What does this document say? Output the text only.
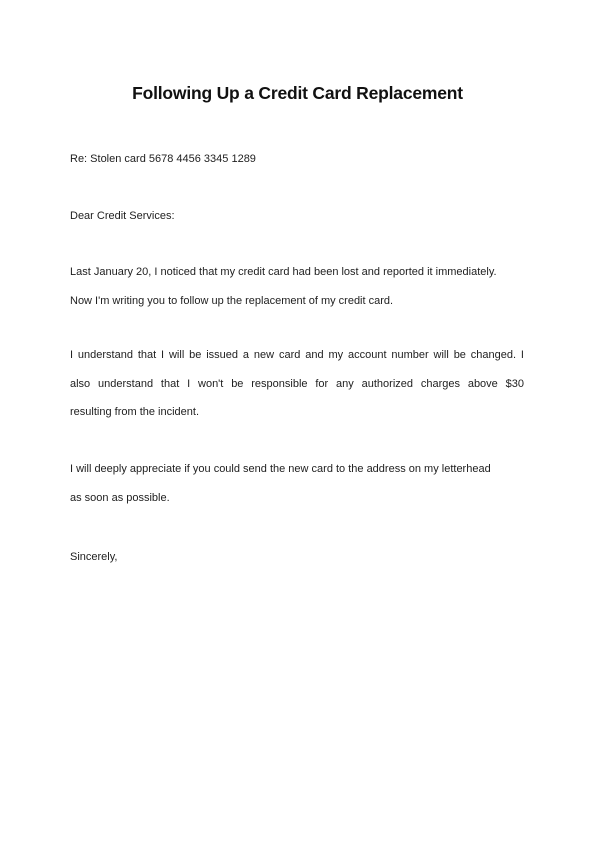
Following Up a Credit Card Replacement

Re: Stolen card 5678 4456 3345 1289

Dear Credit Services:

Last January 20, I noticed that my credit card had been lost and reported it immediately.
Now I'm writing you to follow up the replacement of my credit card.
I understand that I will be issued a new card and my account number will be changed. I
also understand that I won't be responsible for any authorized charges above $30
resulting from the incident.
I will deeply appreciate if you could send the new card to the address on my letterhead
as soon as possible.

Sincerely,
